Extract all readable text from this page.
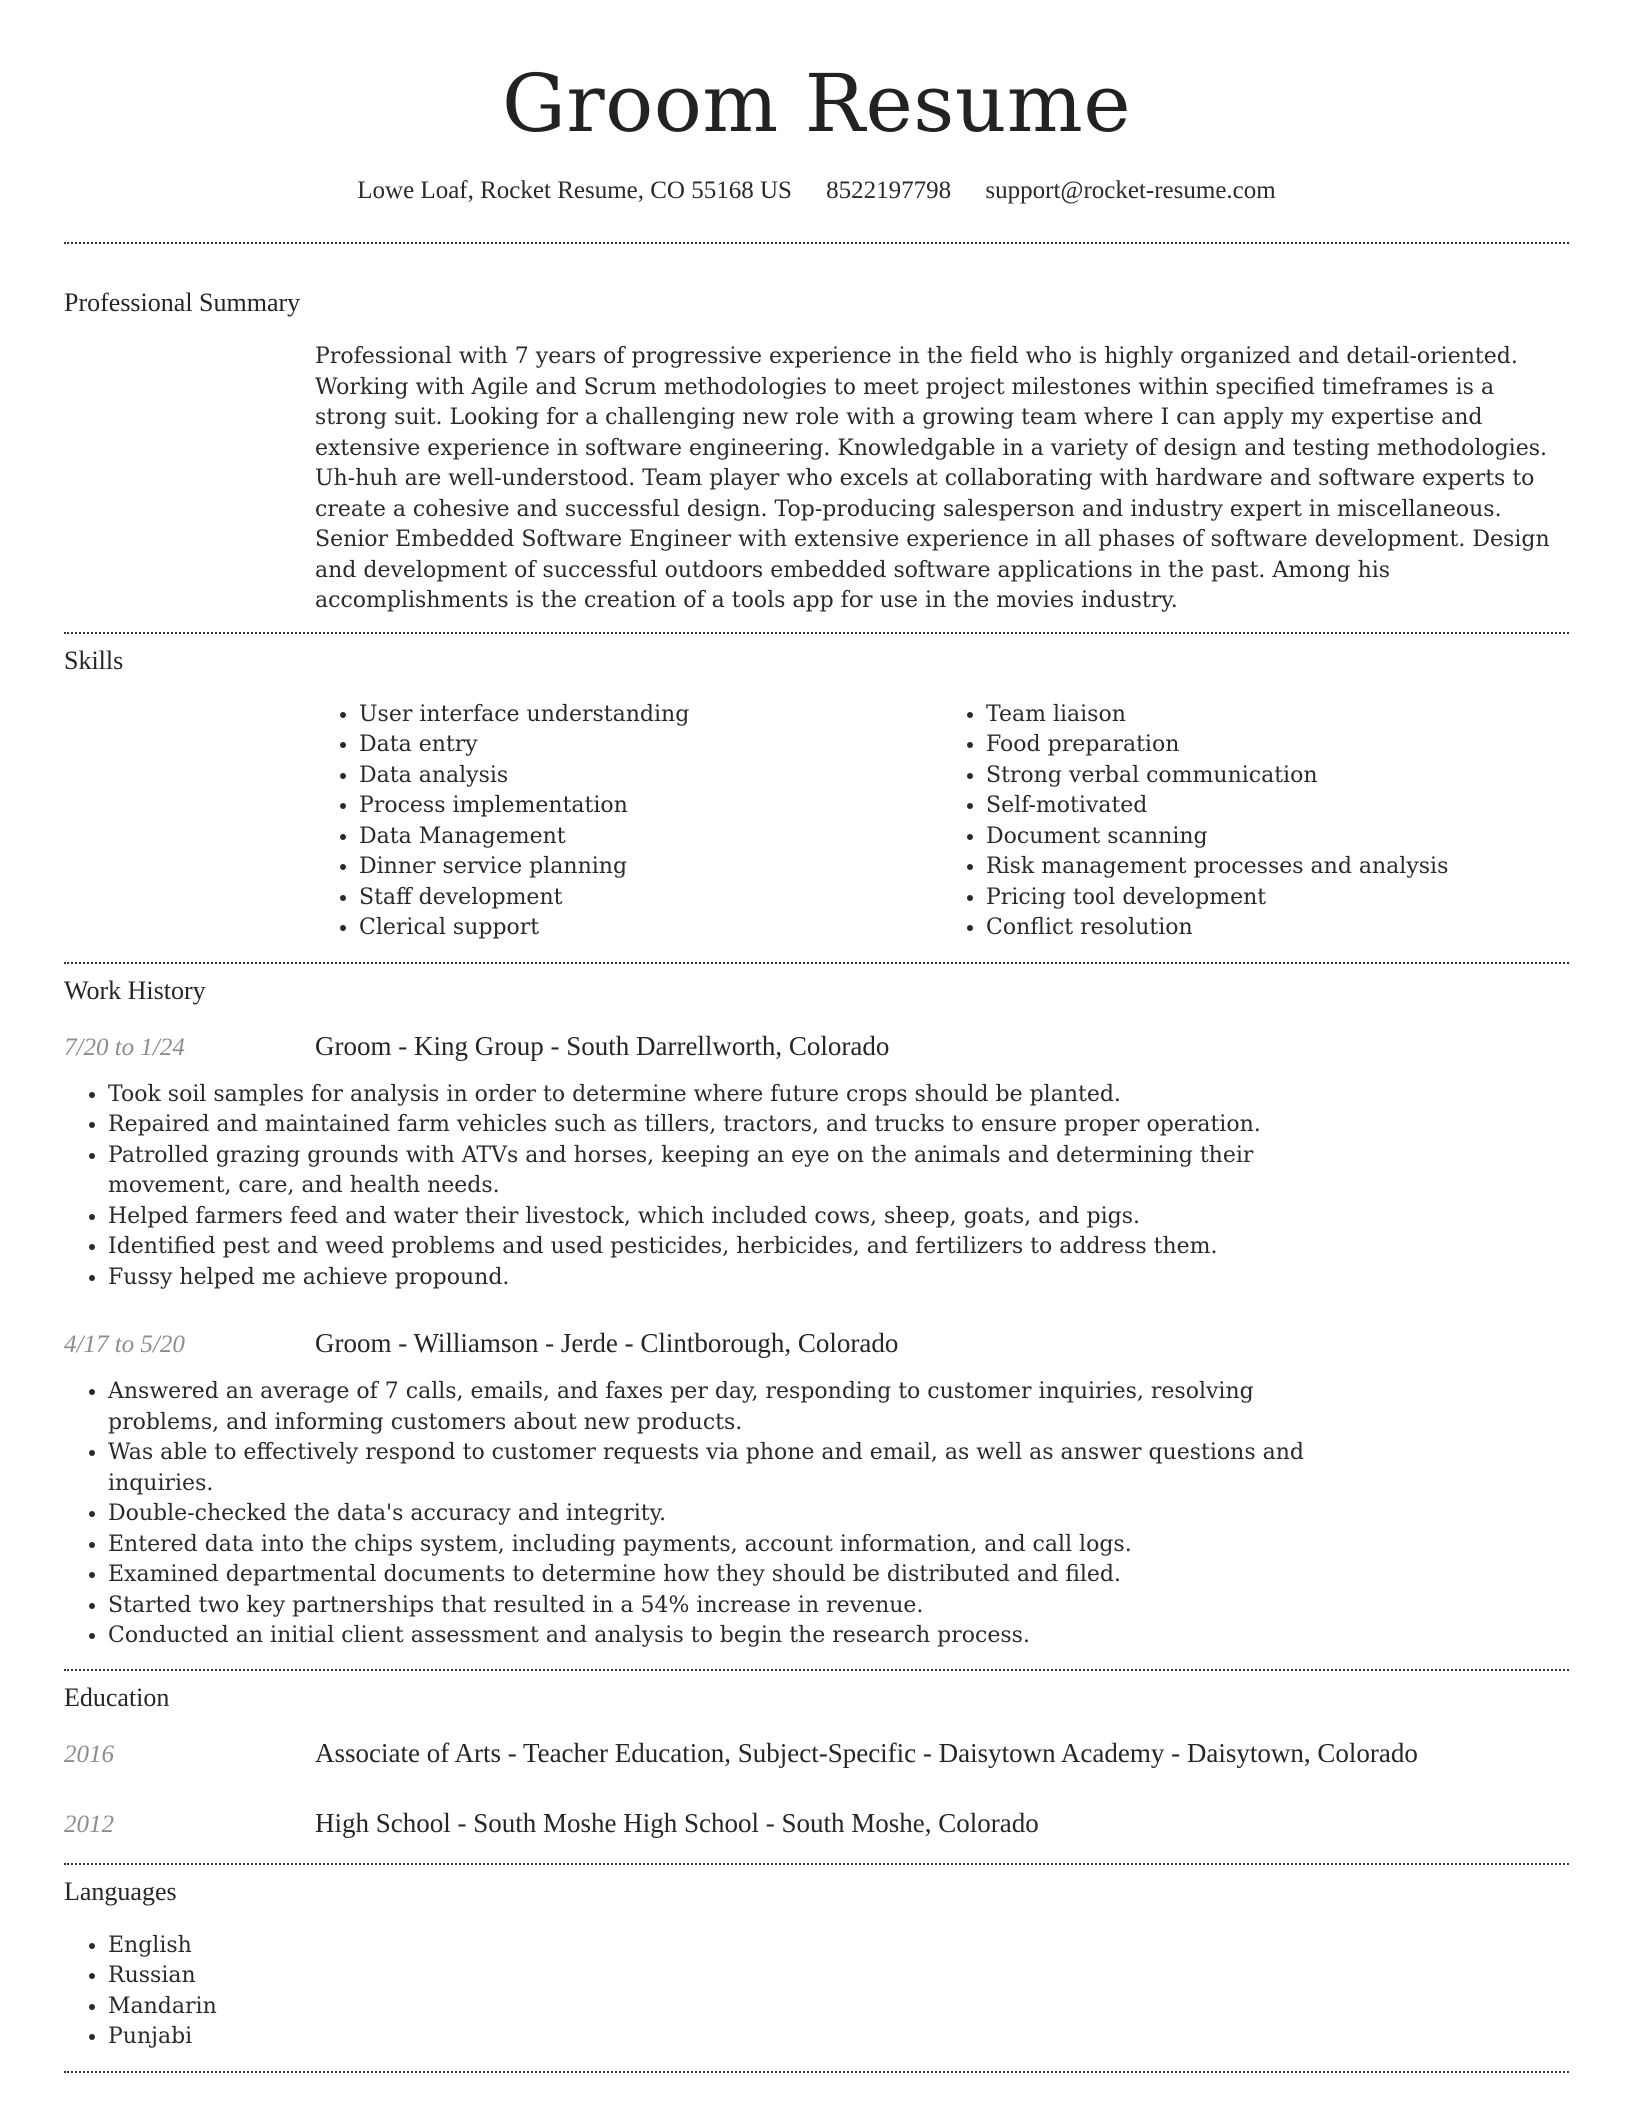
Groom Resume
Lowe Loaf, Rocket Resume, CO 55168 US 8522197798 support@rocket-resume.com
Professional Summary

Professional with 7 years of progressive experience in the field who is highly organized and detail-oriented. Working with Agile and Scrum methodologies to meet project milestones within specified timeframes is a strong suit. Looking for a challenging new role with a growing team where I can apply my expertise and extensive experience in software engineering. Knowledgable in a variety of design and testing methodologies. Uh-huh are well-understood. Team player who excels at collaborating with hardware and software experts to create a cohesive and successful design. Top-producing salesperson and industry expert in miscellaneous. Senior Embedded Software Engineer with extensive experience in all phases of software development. Design and development of successful outdoors embedded software applications in the past. Among his accomplishments is the creation of a tools app for use in the movies industry.

Skills
• User interface understanding
• Data entry
• Data analysis
• Process implementation
• Data Management
• Dinner service planning
• Staff development
• Clerical support
• Team liaison
• Food preparation
• Strong verbal communication
• Self-motivated
• Document scanning
• Risk management processes and analysis
• Pricing tool development
• Conflict resolution
Work History
7/20 to 1/24	Groom - King Group - South Darrellworth, Colorado
• Took soil samples for analysis in order to determine where future crops should be planted.
• Repaired and maintained farm vehicles such as tillers, tractors, and trucks to ensure proper operation.
• Patrolled grazing grounds with ATVs and horses, keeping an eye on the animals and determining their movement, care, and health needs.
• Helped farmers feed and water their livestock, which included cows, sheep, goats, and pigs.
• Identified pest and weed problems and used pesticides, herbicides, and fertilizers to address them.
• Fussy helped me achieve propound.
4/17 to 5/20	Groom - Williamson - Jerde - Clintborough, Colorado
• Answered an average of 7 calls, emails, and faxes per day, responding to customer inquiries, resolving problems, and informing customers about new products.
• Was able to effectively respond to customer requests via phone and email, as well as answer questions and inquiries.
• Double-checked the data's accuracy and integrity.
• Entered data into the chips system, including payments, account information, and call logs.
• Examined departmental documents to determine how they should be distributed and filed.
• Started two key partnerships that resulted in a 54% increase in revenue.
• Conducted an initial client assessment and analysis to begin the research process.
Education
2016	Associate of Arts - Teacher Education, Subject-Specific - Daisytown Academy - Daisytown, Colorado
2012	High School - South Moshe High School - South Moshe, Colorado
Languages
• English
• Russian
• Mandarin
• Punjabi
